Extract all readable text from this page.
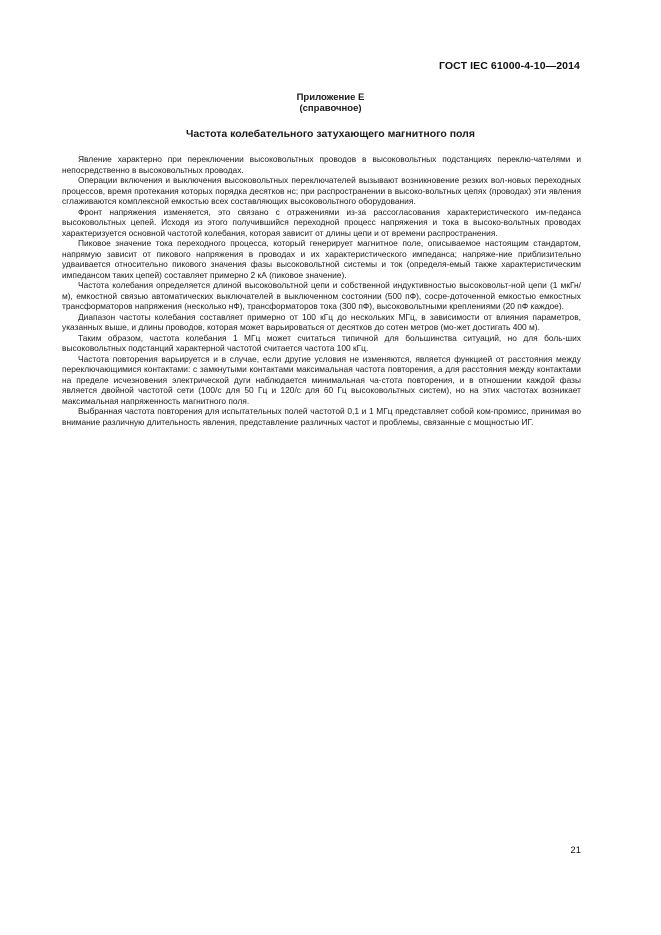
ГОСТ IEC 61000-4-10—2014
Приложение Е
(справочное)
Частота колебательного затухающего магнитного поля

Явление характерно при переключении высоковольтных проводов в высоковольтных подстанциях переклю-чателями и непосредственно в высоковольтных проводах.

Операции включения и выключения высоковольтных переключателей вызывают возникновение резких вол-новых переходных процессов, время протекания которых порядка десятков нс; при распространении в высоко-вольтных цепях (проводах) эти явления сглаживаются комплексной емкостью всех составляющих высоковольтного оборудования.

Фронт напряжения изменяется, это связано с отражениями из-за рассогласования характеристического им-педанса высоковольтных цепей. Исходя из этого получившийся переходной процесс напряжения и тока в высоко-вольтных проводах характеризуется основной частотой колебания, которая зависит от длины цепи и от времени распространения.

Пиковое значение тока переходного процесса, который генерирует магнитное поле, описываемое настоящим стандартом, напрямую зависит от пикового напряжения в проводах и их характеристического импеданса; напряже-ние приблизительно удваивается относительно пикового значения фазы высоковольтной системы и ток (определя-емый также характеристическим импедансом таких цепей) составляет примерно 2 кА (пиковое значение).

Частота колебания определяется длиной высоковольтной цепи и собственной индуктивностью высоковольт-ной цепи (1 мкГн/м), емкостной связью автоматических выключателей в выключенном состоянии (500 пФ), сосре-доточенной емкостью емкостных трансформаторов напряжения (несколько нФ), трансформаторов тока (300 пФ), высоковольтными креплениями (20 пФ каждое).

Диапазон частоты колебания составляет примерно от 100 кГц до нескольких МГц, в зависимости от влияния параметров, указанных выше, и длины проводов, которая может варьироваться от десятков до сотен метров (мо-жет достигать 400 м).

Таким образом, частота колебания 1 МГц может считаться типичной для большинства ситуаций, но для боль-ших высоковольтных подстанций характерной частотой считается частота 100 кГц.

Частота повторения варьируется и в случае, если другие условия не изменяются, является функцией от расстояния между переключающимися контактами: с замкнутыми контактами максимальная частота повторения, а для расстояния между контактами на пределе исчезновения электрической дуги наблюдается минимальная ча-стота повторения, и в отношении каждой фазы является двойной частотой сети (100/с для 50 Гц и 120/с для 60 Гц высоковольтных систем), но на этих частотах возникает максимальная напряженность магнитного поля.

Выбранная частота повторения для испытательных полей частотой 0,1 и 1 МГц представляет собой ком-промисс, принимая во внимание различную длительность явления, представление различных частот и проблемы, связанные с мощностью ИГ.

21
